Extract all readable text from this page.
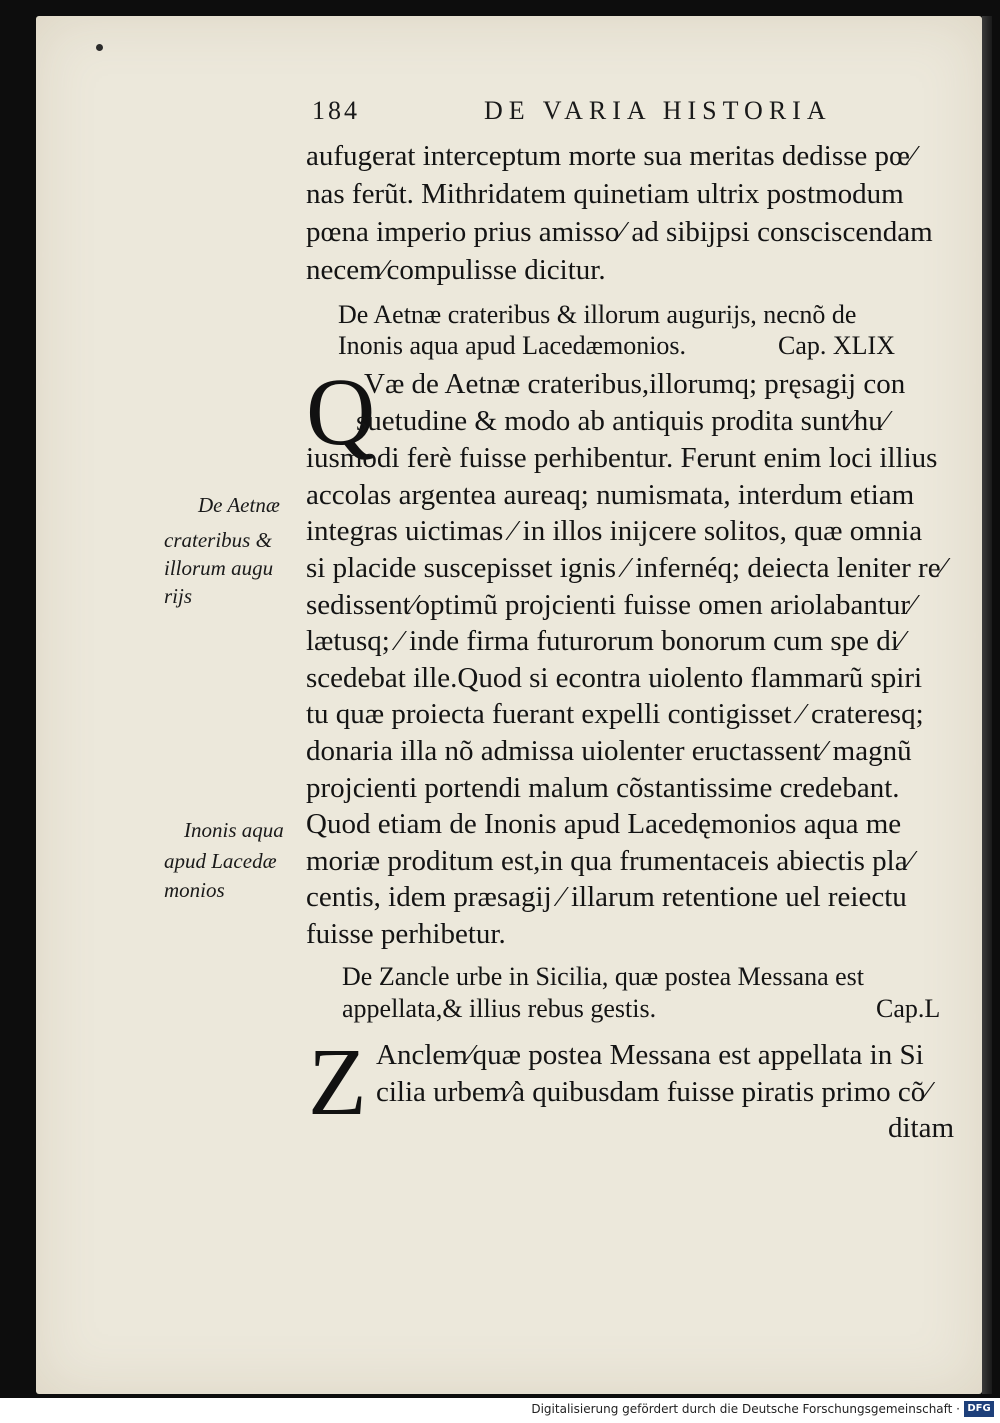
184	DE VARIA HISTORIA
aufugerat interceptum morte sua meritas dedisse pœ⁄
nas ferũt. Mithridatem quinetiam ultrix postmodum
pœna imperio prius amisso⁄ ad sibijpsi consciscendam
necem⁄compulisse dicitur.
De Aetnæ crateribus & illorum augurijs, necnõ de
Inonis aqua apud Lacedæmonios.	Cap. XLIX
Q
Væ de Aetnæ crateribus,illorumq; pręsagij con
suetudine & modo ab antiquis prodita sunt⁄hu⁄
iusmodi ferè fuisse perhibentur. Ferunt enim loci illius
accolas argentea aureaq; numismata, interdum etiam
integras uictimas ⁄ in illos inijcere solitos, quæ omnia
si placide suscepisset ignis ⁄ infernéq; deiecta leniter re⁄
sedissent⁄optimũ projcienti fuisse omen ariolabantur⁄
lætusq; ⁄ inde firma futurorum bonorum cum spe di⁄
scedebat ille.Quod si econtra uiolento flammarũ spiri
tu quæ proiecta fuerant expelli contigisset ⁄ crateresq;
donaria illa nõ admissa uiolenter eructassent⁄ magnũ
projcienti portendi malum cõstantissime credebant.
Quod etiam de Inonis apud Lacedęmonios aqua me
moriæ proditum est,in qua frumentaceis abiectis pla⁄
centis, idem præsagij ⁄ illarum retentione uel reiectu
fuisse perhibetur.
De Aetnæ
crateribus &
illorum augu
rijs
Inonis aqua
apud Lacedæ
monios
De Zancle urbe in Sicilia, quæ postea Messana est
appellata,& illius rebus gestis.	Cap.L
Z Anclem⁄quæ postea Messana est appellata in Si
cilia urbem⁄à quibusdam fuisse piratis primo cõ⁄
ditam
Digitalisierung gefördert durch die Deutsche Forschungsgemeinschaft · DFG
